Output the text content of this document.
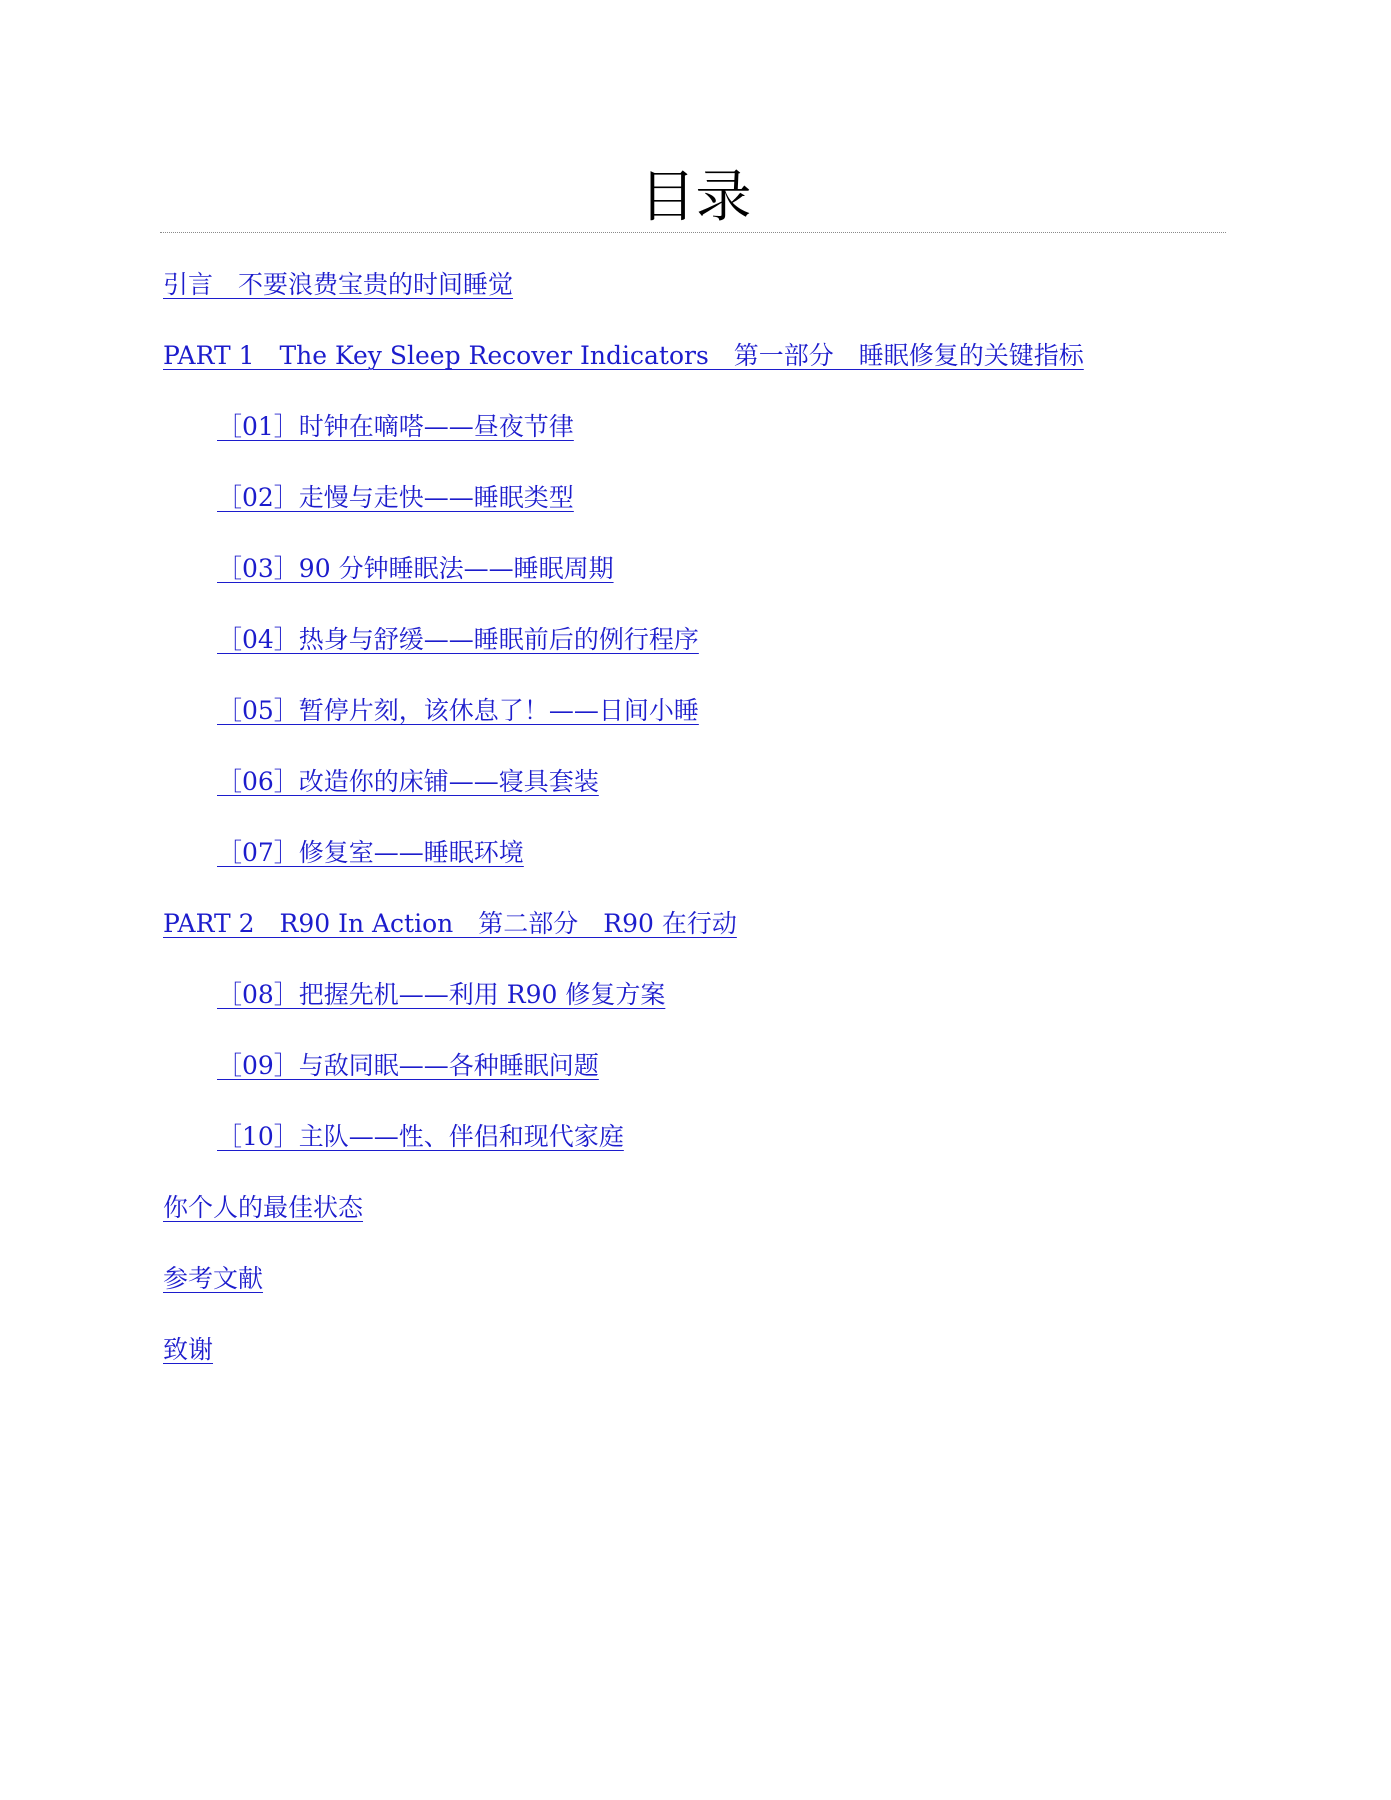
目录
引言　不要浪费宝贵的时间睡觉
PART 1　The Key Sleep Recover Indicators　第一部分　睡眠修复的关键指标
［01］时钟在嘀嗒——昼夜节律
［02］走慢与走快——睡眠类型
［03］90 分钟睡眠法——睡眠周期
［04］热身与舒缓——睡眠前后的例行程序
［05］暂停片刻，该休息了！——日间小睡
［06］改造你的床铺——寝具套装
［07］修复室——睡眠环境
PART 2　R90 In Action　第二部分　R90 在行动
［08］把握先机——利用 R90 修复方案
［09］与敌同眠——各种睡眠问题
［10］主队——性、伴侣和现代家庭
你个人的最佳状态
参考文献
致谢
